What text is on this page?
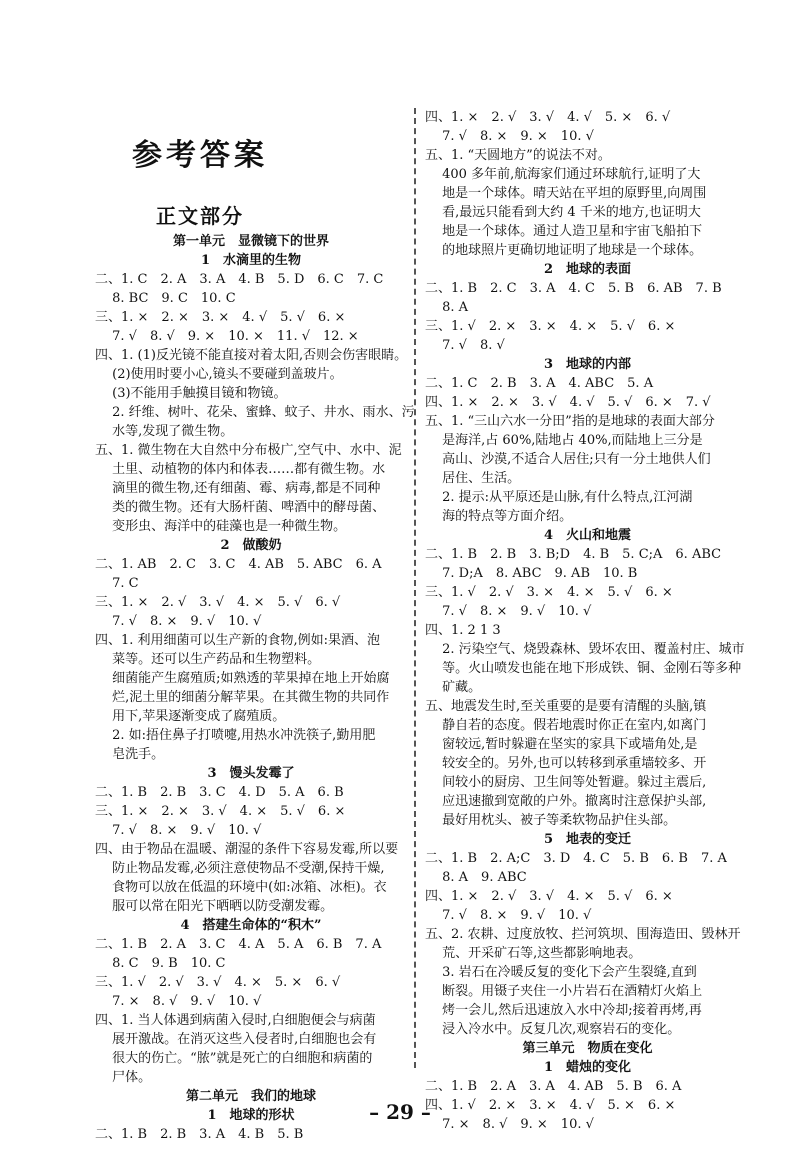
参考答案
正文部分
第一单元　显微镜下的世界
1　水滴里的生物
二、1. C　2. A　3. A　4. B　5. D　6. C　7. C
　 8. BC　9. C　10. C
三、1. ×　2. ×　3. ×　4. √　5. √　6. ×
　 7. √　8. √　9. ×　10. ×　11. √　12. ×
四、1. (1)反光镜不能直接对着太阳,否则会伤害眼睛。
　 (2)使用时要小心,镜头不要碰到盖玻片。
　 (3)不能用手触摸目镜和物镜。
　 2. 纤维、树叶、花朵、蜜蜂、蚊子、井水、雨水、污
　 水等,发现了微生物。
五、1. 微生物在大自然中分布极广,空气中、水中、泥
　 土里、动植物的体内和体表……都有微生物。水
　 滴里的微生物,还有细菌、霉、病毒,都是不同种
　 类的微生物。还有大肠杆菌、啤酒中的酵母菌、
　 变形虫、海洋中的硅藻也是一种微生物。
2　做酸奶
二、1. AB　2. C　3. C　4. AB　5. ABC　6. A
　 7. C
三、1. ×　2. √　3. √　4. ×　5. √　6. √
　 7. √　8. ×　9. √　10. √
四、1. 利用细菌可以生产新的食物,例如:果酒、泡
　 菜等。还可以生产药品和生物塑料。
　 细菌能产生腐殖质;如熟透的苹果掉在地上开始腐
　 烂,泥土里的细菌分解苹果。在其微生物的共同作
　 用下,苹果逐渐变成了腐殖质。
　 2. 如:捂住鼻子打喷嚏,用热水冲洗筷子,勤用肥
　 皂洗手。
3　馒头发霉了
二、1. B　2. B　3. C　4. D　5. A　6. B
三、1. ×　2. ×　3. √　4. ×　5. √　6. ×
　 7. √　8. ×　9. √　10. √
四、由于物品在温暖、潮湿的条件下容易发霉,所以要
　 防止物品发霉,必须注意使物品不受潮,保持干燥,
　 食物可以放在低温的环境中(如:冰箱、冰柜)。衣
　 服可以常在阳光下晒晒以防受潮发霉。
4　搭建生命体的“积木”
二、1. B　2. A　3. C　4. A　5. A　6. B　7. A
　 8. C　9. B　10. C
三、1. √　2. √　3. √　4. ×　5. ×　6. √
　 7. ×　8. √　9. √　10. √
四、1. 当人体遇到病菌入侵时,白细胞便会与病菌
　 展开激战。在消灭这些入侵者时,白细胞也会有
　 很大的伤亡。“脓”就是死亡的白细胞和病菌的
　 尸体。
第二单元　我们的地球
1　地球的形状
二、1. B　2. B　3. A　4. B　5. B
四、1. ×　2. √　3. √　4. √　5. ×　6. √
　 7. √　8. ×　9. ×　10. √
五、1. “天圆地方”的说法不对。
　 400 多年前,航海家们通过环球航行,证明了大
　 地是一个球体。晴天站在平坦的原野里,向周围
　 看,最远只能看到大约 4 千米的地方,也证明大
　 地是一个球体。通过人造卫星和宇宙飞船拍下
　 的地球照片更确切地证明了地球是一个球体。
2　地球的表面
二、1. B　2. C　3. A　4. C　5. B　6. AB　7. B
　 8. A
三、1. √　2. ×　3. ×　4. ×　5. √　6. ×
　 7. √　8. √
3　地球的内部
二、1. C　2. B　3. A　4. ABC　5. A
四、1. ×　2. ×　3. √　4. √　5. √　6. ×　7. √
五、1. “三山六水一分田”指的是地球的表面大部分
　 是海洋,占 60%,陆地占 40%,而陆地上三分是
　 高山、沙漠,不适合人居住;只有一分土地供人们
　 居住、生活。
　 2. 提示:从平原还是山脉,有什么特点,江河湖
　 海的特点等方面介绍。
4　火山和地震
二、1. B　2. B　3. B;D　4. B　5. C;A　6. ABC
　 7. D;A　8. ABC　9. AB　10. B
三、1. √　2. √　3. ×　4. ×　5. √　6. ×
　 7. √　8. ×　9. √　10. √
四、1. 2 1 3
　 2. 污染空气、烧毁森林、毁坏农田、覆盖村庄、城市
　 等。火山喷发也能在地下形成铁、铜、金刚石等多种
　 矿藏。
五、地震发生时,至关重要的是要有清醒的头脑,镇
　 静自若的态度。假若地震时你正在室内,如离门
　 窗较远,暂时躲避在坚实的家具下或墙角处,是
　 较安全的。另外,也可以转移到承重墙较多、开
　 间较小的厨房、卫生间等处暂避。躲过主震后,
　 应迅速撤到宽敞的户外。撤离时注意保护头部,
　 最好用枕头、被子等柔软物品护住头部。
5　地表的变迁
二、1. B　2. A;C　3. D　4. C　5. B　6. B　7. A
　 8. A　9. ABC
四、1. ×　2. √　3. √　4. ×　5. √　6. ×
　 7. √　8. ×　9. √　10. √
五、2. 农耕、过度放牧、拦河筑坝、围海造田、毁林开
　 荒、开采矿石等,这些都影响地表。
　 3. 岩石在冷暖反复的变化下会产生裂缝,直到
　 断裂。用镊子夹住一小片岩石在酒精灯火焰上
　 烤一会儿,然后迅速放入水中冷却;接着再烤,再
　 浸入冷水中。反复几次,观察岩石的变化。
第三单元　物质在变化
1　蜡烛的变化
二、1. B　2. A　3. A　4. AB　5. B　6. A
四、1. √　2. ×　3. ×　4. √　5. ×　6. ×
　 7. ×　8. √　9. ×　10. √
– 29 –
